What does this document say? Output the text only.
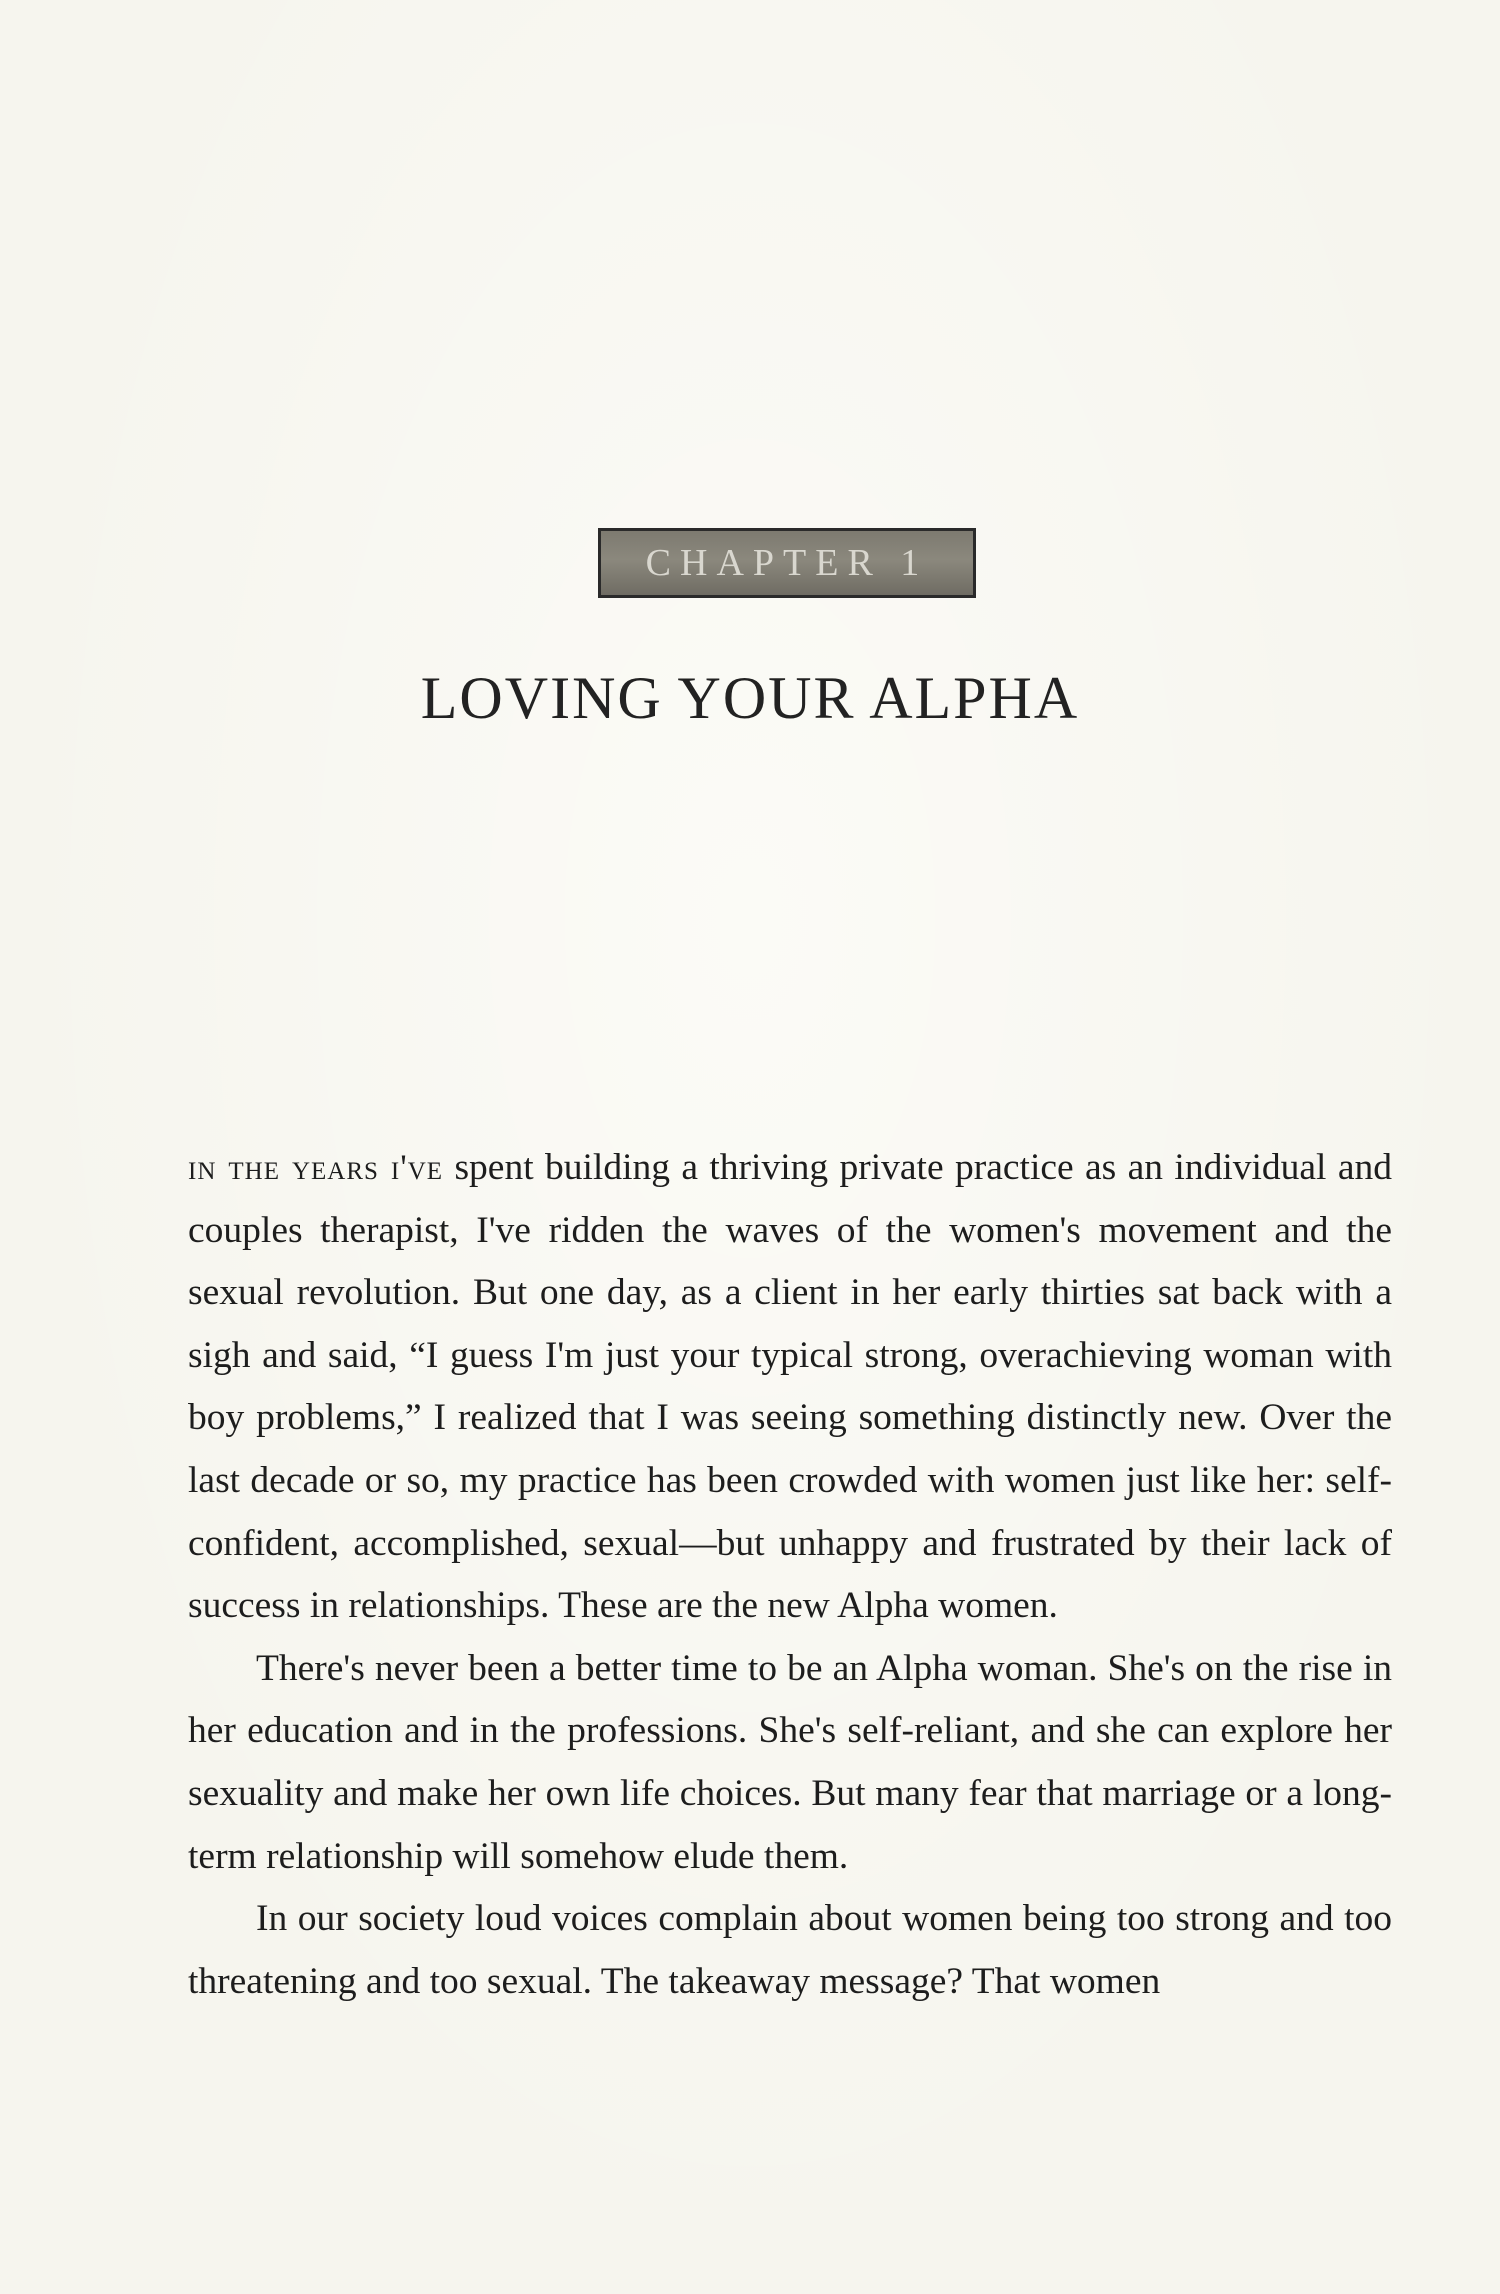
CHAPTER 1
LOVING YOUR ALPHA

in the years i've spent building a thriving private practice as an individual and couples therapist, I've ridden the waves of the women's movement and the sexual revolution. But one day, as a client in her early thirties sat back with a sigh and said, “I guess I'm just your typical strong, overachieving woman with boy problems,” I realized that I was seeing something distinctly new. Over the last decade or so, my practice has been crowded with women just like her: self-confident, accomplished, sexual—but unhappy and frustrated by their lack of success in relationships. These are the new Alpha women.

There's never been a better time to be an Alpha woman. She's on the rise in her education and in the professions. She's self-reliant, and she can explore her sexuality and make her own life choices. But many fear that marriage or a long-term relationship will somehow elude them.

In our society loud voices complain about women being too strong and too threatening and too sexual. The takeaway message? That women
